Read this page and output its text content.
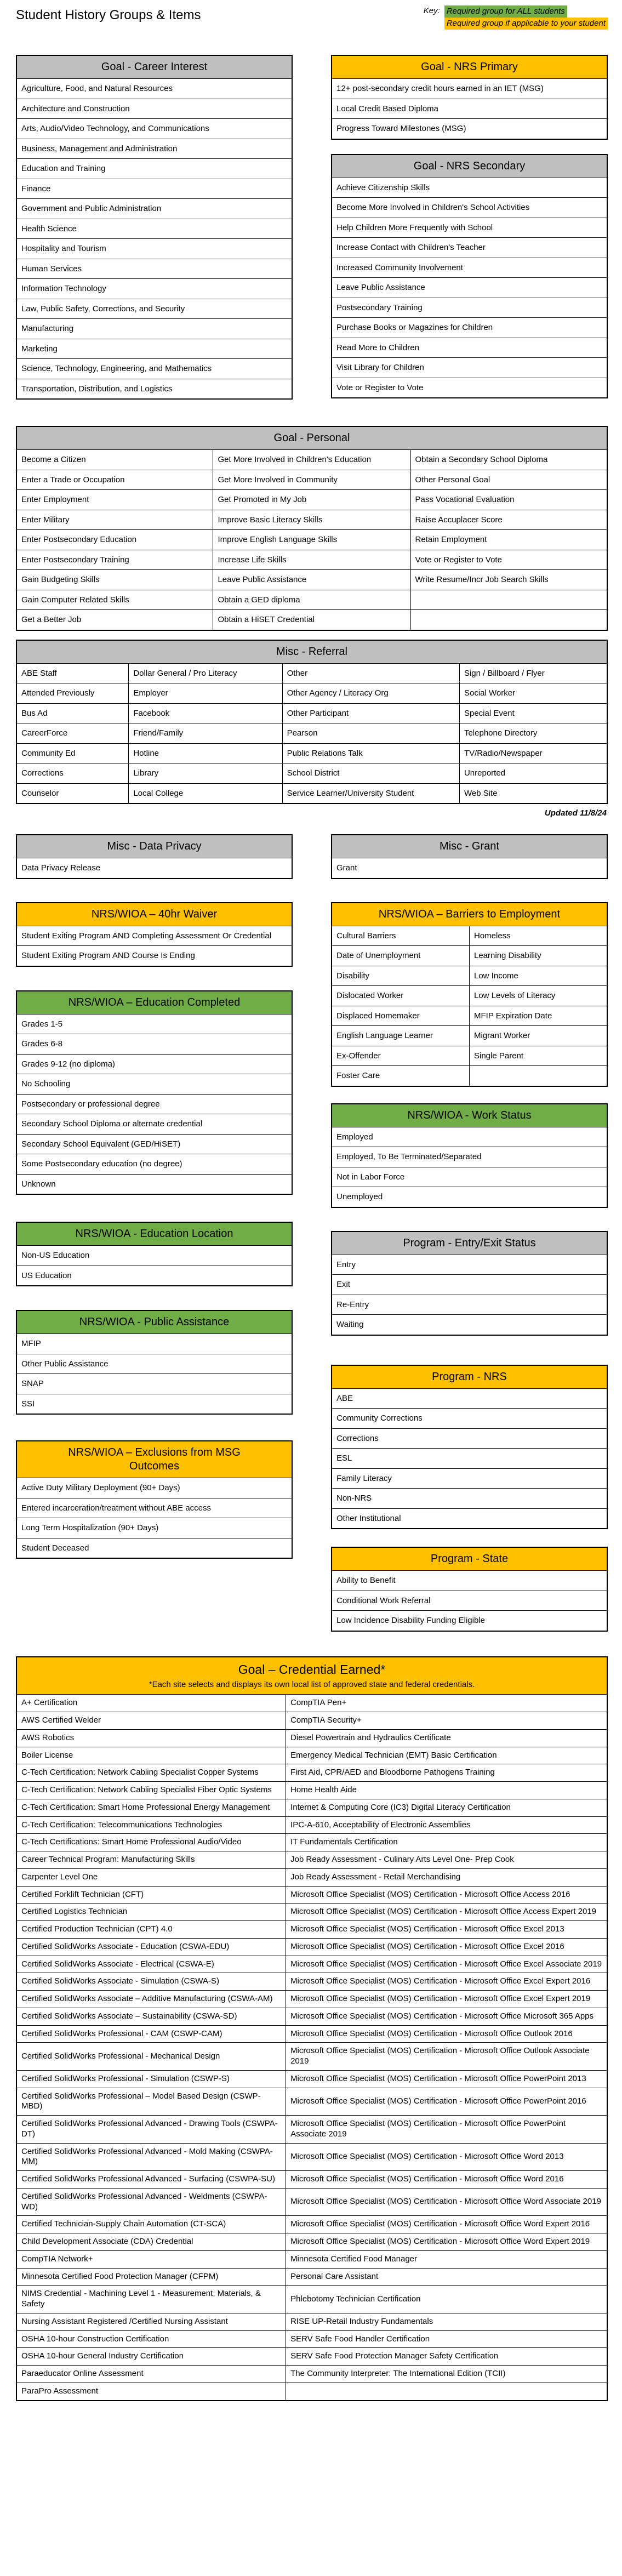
Student History Groups & Items	Key: Required group for ALL students
Required group if applicable to your student
Goal - Career Interest
Agriculture, Food, and Natural Resources
Architecture and Construction
Arts, Audio/Video Technology, and Communications
Business, Management and Administration
Education and Training
Finance
Government and Public Administration
Health Science
Hospitality and Tourism
Human Services
Information Technology
Law, Public Safety, Corrections, and Security
Manufacturing
Marketing
Science, Technology, Engineering, and Mathematics
Transportation, Distribution, and Logistics
Goal - NRS Primary
12+ post-secondary credit hours earned in an IET (MSG)
Local Credit Based Diploma
Progress Toward Milestones (MSG)
Goal - NRS Secondary
Achieve Citizenship Skills
Become More Involved in Children's School Activities
Help Children More Frequently with School
Increase Contact with Children's Teacher
Increased Community Involvement
Leave Public Assistance
Postsecondary Training
Purchase Books or Magazines for Children
Read More to Children
Visit Library for Children
Vote or Register to Vote
Goal - Personal		
Become a Citizen	Get More Involved in Children's Education	Obtain a Secondary School Diploma
Enter a Trade or Occupation	Get More Involved in Community	Other Personal Goal
Enter Employment	Get Promoted in My Job	Pass Vocational Evaluation
Enter Military	Improve Basic Literacy Skills	Raise Accuplacer Score
Enter Postsecondary Education	Improve English Language Skills	Retain Employment
Enter Postsecondary Training	Increase Life Skills	Vote or Register to Vote
Gain Budgeting Skills	Leave Public Assistance	Write Resume/Incr Job Search Skills
Gain Computer Related Skills	Obtain a GED diploma	
Get a Better Job	Obtain a HiSET Credential	
Misc - Referral			
ABE Staff	Dollar General / Pro Literacy	Other	Sign / Billboard / Flyer
Attended Previously	Employer	Other Agency / Literacy Org	Social Worker
Bus Ad	Facebook	Other Participant	Special Event
CareerForce	Friend/Family	Pearson	Telephone Directory
Community Ed	Hotline	Public Relations Talk	TV/Radio/Newspaper
Corrections	Library	School District	Unreported
Counselor	Local College	Service Learner/University Student	Web Site
Updated 11/8/24
Misc - Data Privacy
Data Privacy Release
NRS/WIOA – 40hr Waiver
Student Exiting Program AND Completing Assessment Or Credential
Student Exiting Program AND Course Is Ending
NRS/WIOA – Education Completed
Grades 1-5
Grades 6-8
Grades 9-12 (no diploma)
No Schooling
Postsecondary or professional degree
Secondary School Diploma or alternate credential
Secondary School Equivalent (GED/HiSET)
Some Postsecondary education (no degree)
Unknown
NRS/WIOA - Education Location
Non-US Education
US Education
NRS/WIOA - Public Assistance
MFIP
Other Public Assistance
SNAP
SSI
NRS/WIOA – Exclusions from MSG Outcomes
Active Duty Military Deployment (90+ Days)
Entered incarceration/treatment without ABE access
Long Term Hospitalization (90+ Days)
Student Deceased
Misc - Grant
Grant
NRS/WIOA – Barriers to Employment	
Cultural Barriers	Homeless
Date of Unemployment	Learning Disability
Disability	Low Income
Dislocated Worker	Low Levels of Literacy
Displaced Homemaker	MFIP Expiration Date
English Language Learner	Migrant Worker
Ex-Offender	Single Parent
Foster Care	
NRS/WIOA - Work Status
Employed
Employed, To Be Terminated/Separated
Not in Labor Force
Unemployed
Program - Entry/Exit Status
Entry
Exit
Re-Entry
Waiting
Program - NRS
ABE
Community Corrections
Corrections
ESL
Family Literacy
Non-NRS
Other Institutional
Program - State
Ability to Benefit
Conditional Work Referral
Low Incidence Disability Funding Eligible
Goal – Credential Earned*
*Each site selects and displays its own local list of approved state and federal credentials.	

A+ Certification	CompTIA Pen+
AWS Certified Welder	CompTIA Security+
AWS Robotics	Diesel Powertrain and Hydraulics Certificate
Boiler License	Emergency Medical Technician (EMT) Basic Certification
C-Tech Certification: Network Cabling Specialist Copper Systems	First Aid, CPR/AED and Bloodborne Pathogens Training
C-Tech Certification: Network Cabling Specialist Fiber Optic Systems	Home Health Aide
C-Tech Certification: Smart Home Professional Energy Management	Internet & Computing Core (IC3) Digital Literacy Certification
C-Tech Certification: Telecommunications Technologies	IPC-A-610, Acceptability of Electronic Assemblies
C-Tech Certifications: Smart Home Professional Audio/Video	IT Fundamentals Certification
Career Technical Program: Manufacturing Skills	Job Ready Assessment - Culinary Arts Level One- Prep Cook
Carpenter Level One	Job Ready Assessment - Retail Merchandising
Certified Forklift Technician (CFT)	Microsoft Office Specialist (MOS) Certification - Microsoft Office Access 2016
Certified Logistics Technician	Microsoft Office Specialist (MOS) Certification - Microsoft Office Access Expert 2019
Certified Production Technician (CPT) 4.0	Microsoft Office Specialist (MOS) Certification - Microsoft Office Excel 2013
Certified SolidWorks Associate - Education (CSWA-EDU)	Microsoft Office Specialist (MOS) Certification - Microsoft Office Excel 2016
Certified SolidWorks Associate - Electrical (CSWA-E)	Microsoft Office Specialist (MOS) Certification - Microsoft Office Excel Associate 2019
Certified SolidWorks Associate - Simulation (CSWA-S)	Microsoft Office Specialist (MOS) Certification - Microsoft Office Excel Expert 2016
Certified SolidWorks Associate – Additive Manufacturing (CSWA-AM)	Microsoft Office Specialist (MOS) Certification - Microsoft Office Excel Expert 2019
Certified SolidWorks Associate – Sustainability (CSWA-SD)	Microsoft Office Specialist (MOS) Certification - Microsoft Office Microsoft 365 Apps
Certified SolidWorks Professional - CAM (CSWP-CAM)	Microsoft Office Specialist (MOS) Certification - Microsoft Office Outlook 2016
Certified SolidWorks Professional - Mechanical Design	Microsoft Office Specialist (MOS) Certification - Microsoft Office Outlook Associate 2019
Certified SolidWorks Professional - Simulation (CSWP-S)	Microsoft Office Specialist (MOS) Certification - Microsoft Office PowerPoint 2013
Certified SolidWorks Professional – Model Based Design (CSWP-MBD)	Microsoft Office Specialist (MOS) Certification - Microsoft Office PowerPoint 2016
Certified SolidWorks Professional Advanced - Drawing Tools (CSWPA-DT)	Microsoft Office Specialist (MOS) Certification - Microsoft Office PowerPoint Associate 2019
Certified SolidWorks Professional Advanced - Mold Making (CSWPA-MM)	Microsoft Office Specialist (MOS) Certification - Microsoft Office Word 2013
Certified SolidWorks Professional Advanced - Surfacing (CSWPA-SU)	Microsoft Office Specialist (MOS) Certification - Microsoft Office Word 2016
Certified SolidWorks Professional Advanced - Weldments (CSWPA-WD)	Microsoft Office Specialist (MOS) Certification - Microsoft Office Word Associate 2019
Certified Technician-Supply Chain Automation (CT-SCA)	Microsoft Office Specialist (MOS) Certification - Microsoft Office Word Expert 2016
Child Development Associate (CDA) Credential	Microsoft Office Specialist (MOS) Certification - Microsoft Office Word Expert 2019
CompTIA Network+	Minnesota Certified Food Manager
Minnesota Certified Food Protection Manager (CFPM)	Personal Care Assistant
NIMS Credential - Machining Level 1 - Measurement, Materials, & Safety	Phlebotomy Technician Certification
Nursing Assistant Registered /Certified Nursing Assistant	RISE UP-Retail Industry Fundamentals
OSHA 10-hour Construction Certification	SERV Safe Food Handler Certification
OSHA 10-hour General Industry Certification	SERV Safe Food Protection Manager Safety Certification
Paraeducator Online Assessment	The Community Interpreter: The International Edition (TCII)
ParaPro Assessment	
